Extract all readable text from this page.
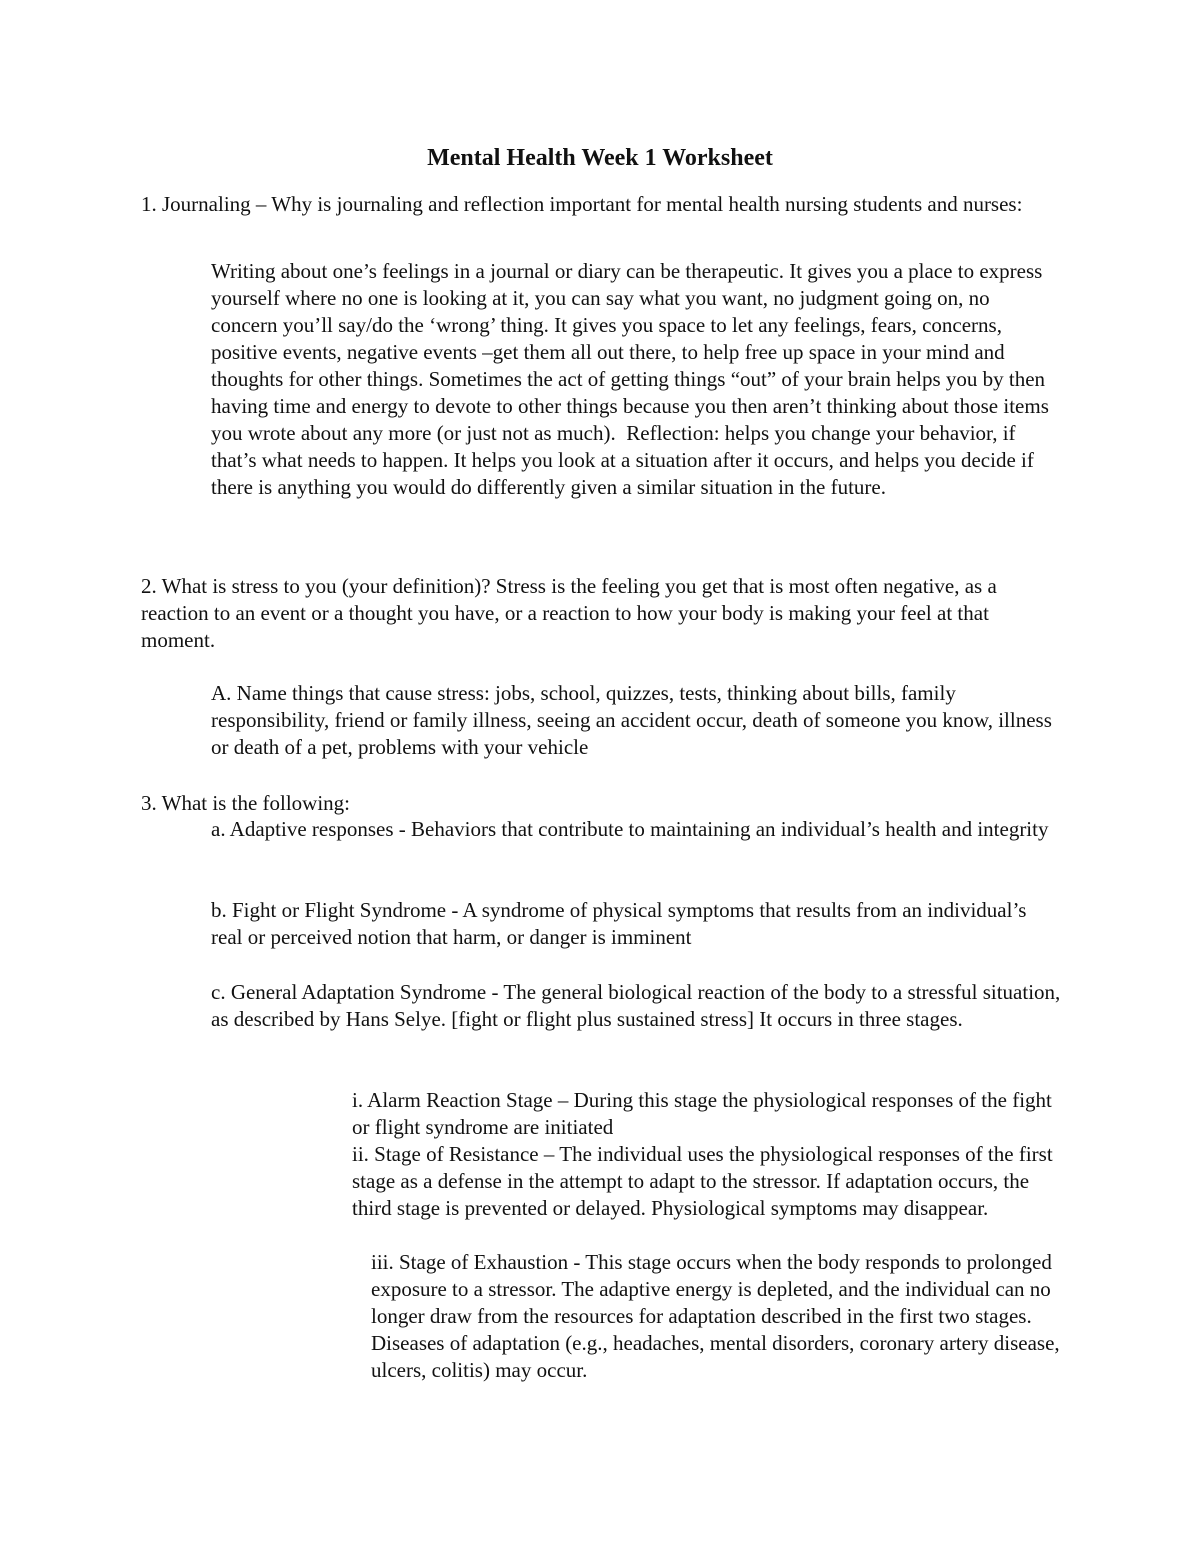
Mental Health Week 1 Worksheet

1. Journaling – Why is journaling and reflection important for mental health nursing students and nurses:

Writing about one’s feelings in a journal or diary can be therapeutic. It gives you a place to express yourself where no one is looking at it, you can say what you want, no judgment going on, no concern you’ll say/do the ‘wrong’ thing. It gives you space to let any feelings, fears, concerns, positive events, negative events –get them all out there, to help free up space in your mind and thoughts for other things. Sometimes the act of getting things “out” of your brain helps you by then having time and energy to devote to other things because you then aren’t thinking about those items you wrote about any more (or just not as much).  Reflection: helps you change your behavior, if that’s what needs to happen. It helps you look at a situation after it occurs, and helps you decide if there is anything you would do differently given a similar situation in the future.

2. What is stress to you (your definition)? Stress is the feeling you get that is most often negative, as a reaction to an event or a thought you have, or a reaction to how your body is making your feel at that moment.

A. Name things that cause stress: jobs, school, quizzes, tests, thinking about bills, family responsibility, friend or family illness, seeing an accident occur, death of someone you know, illness or death of a pet, problems with your vehicle

3. What is the following:

a. Adaptive responses - Behaviors that contribute to maintaining an individual’s health and integrity

b. Fight or Flight Syndrome - A syndrome of physical symptoms that results from an individual’s real or perceived notion that harm, or danger is imminent

c. General Adaptation Syndrome - The general biological reaction of the body to a stressful situation, as described by Hans Selye. [fight or flight plus sustained stress] It occurs in three stages.

i. Alarm Reaction Stage – During this stage the physiological responses of the fight or flight syndrome are initiated

ii. Stage of Resistance – The individual uses the physiological responses of the first stage as a defense in the attempt to adapt to the stressor. If adaptation occurs, the third stage is prevented or delayed. Physiological symptoms may disappear.

iii. Stage of Exhaustion - This stage occurs when the body responds to prolonged exposure to a stressor. The adaptive energy is depleted, and the individual can no longer draw from the resources for adaptation described in the first two stages. Diseases of adaptation (e.g., headaches, mental disorders, coronary artery disease, ulcers, colitis) may occur.
